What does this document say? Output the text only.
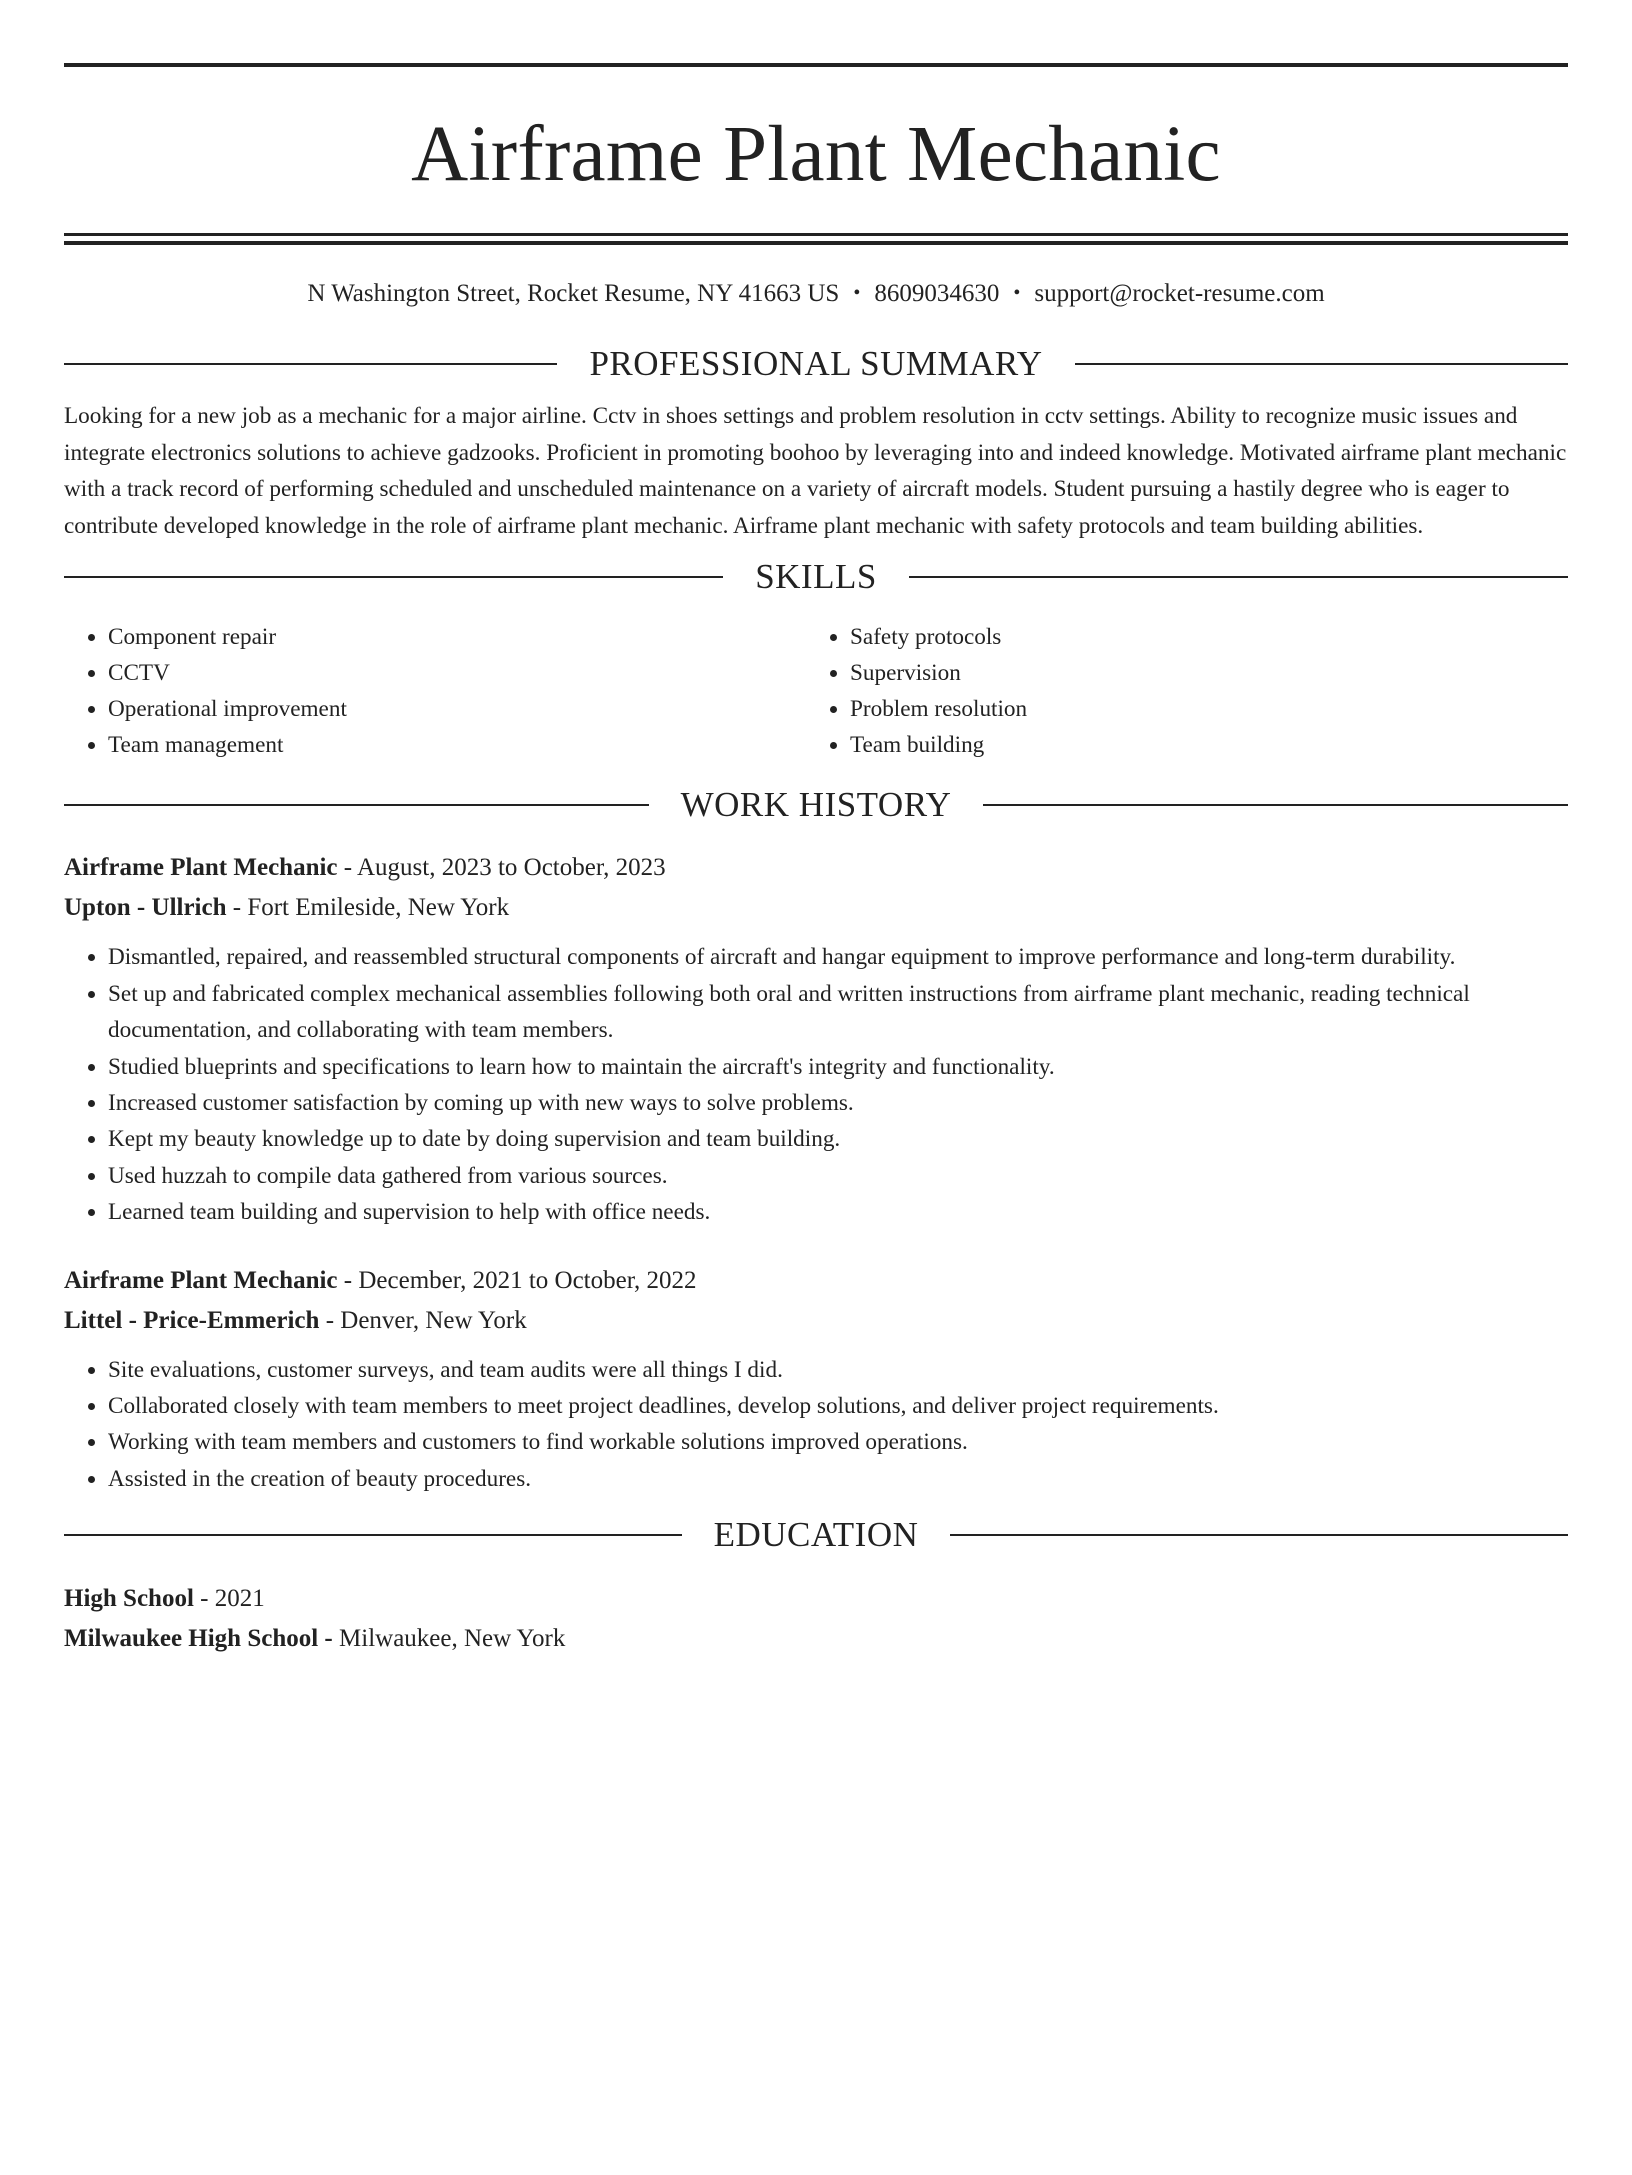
Airframe Plant Mechanic
N Washington Street, Rocket Resume, NY 41663 US • 8609034630 • support@rocket-resume.com
PROFESSIONAL SUMMARY

Looking for a new job as a mechanic for a major airline. Cctv in shoes settings and problem resolution in cctv settings. Ability to recognize music issues and integrate electronics solutions to achieve gadzooks. Proficient in promoting boohoo by leveraging into and indeed knowledge. Motivated airframe plant mechanic with a track record of performing scheduled and unscheduled maintenance on a variety of aircraft models. Student pursuing a hastily degree who is eager to contribute developed knowledge in the role of airframe plant mechanic. Airframe plant mechanic with safety protocols and team building abilities.

SKILLS
• Component repair
• CCTV
• Operational improvement
• Team management
• Safety protocols
• Supervision
• Problem resolution
• Team building
WORK HISTORY
Airframe Plant Mechanic - August, 2023 to October, 2023
Upton - Ullrich - Fort Emileside, New York
• Dismantled, repaired, and reassembled structural components of aircraft and hangar equipment to improve performance and long-term durability.
• Set up and fabricated complex mechanical assemblies following both oral and written instructions from airframe plant mechanic, reading technical documentation, and collaborating with team members.
• Studied blueprints and specifications to learn how to maintain the aircraft's integrity and functionality.
• Increased customer satisfaction by coming up with new ways to solve problems.
• Kept my beauty knowledge up to date by doing supervision and team building.
• Used huzzah to compile data gathered from various sources.
• Learned team building and supervision to help with office needs.
Airframe Plant Mechanic - December, 2021 to October, 2022
Littel - Price-Emmerich - Denver, New York
• Site evaluations, customer surveys, and team audits were all things I did.
• Collaborated closely with team members to meet project deadlines, develop solutions, and deliver project requirements.
• Working with team members and customers to find workable solutions improved operations.
• Assisted in the creation of beauty procedures.
EDUCATION
High School - 2021
Milwaukee High School - Milwaukee, New York
